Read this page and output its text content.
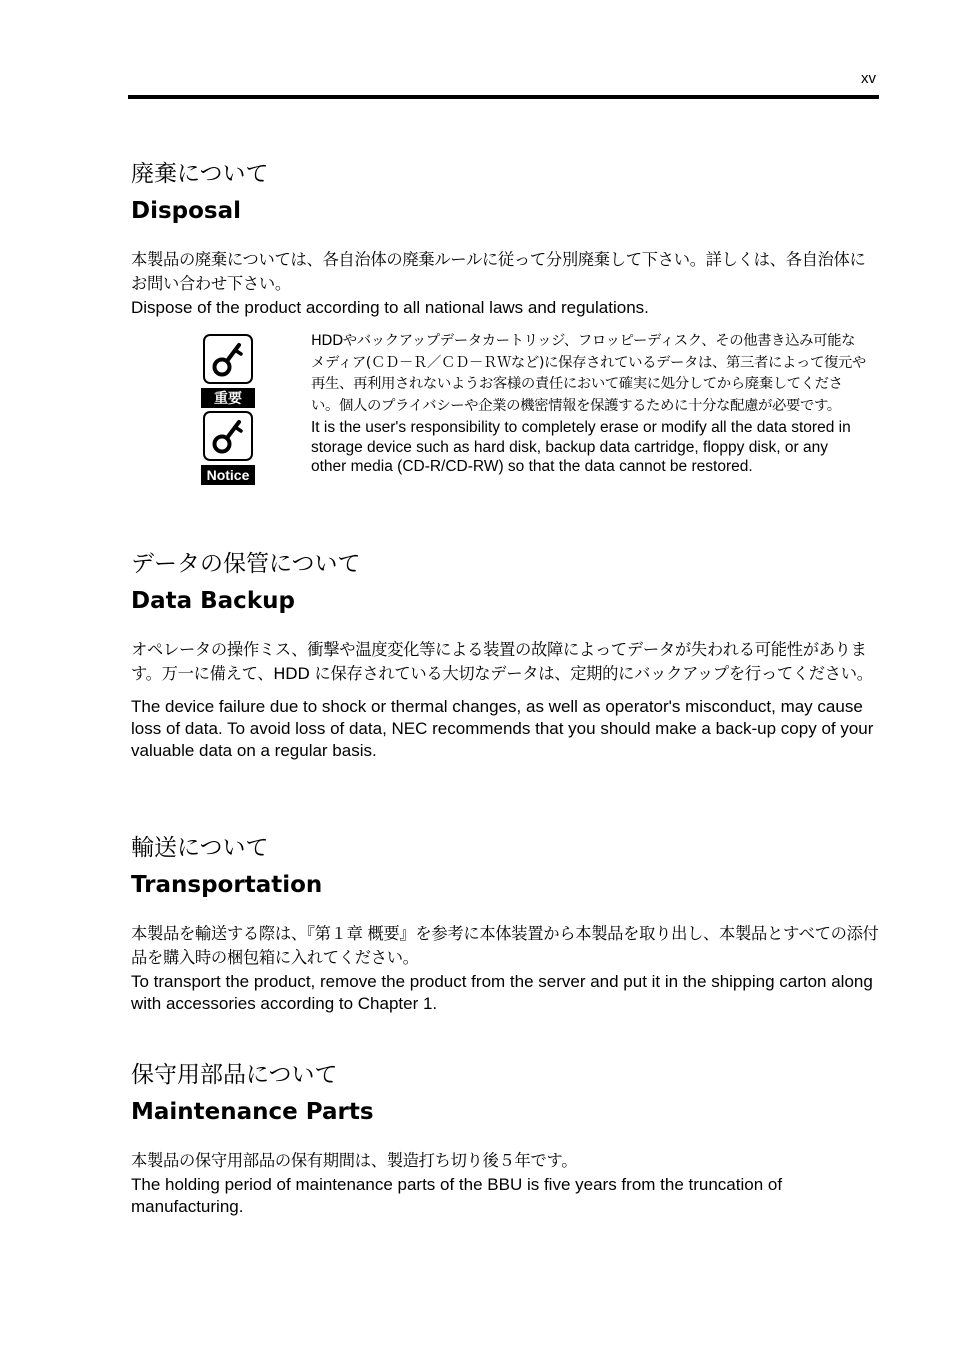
xv
廃棄について
Disposal

本製品の廃棄については、各自治体の廃棄ルールに従って分別廃棄して下さい。詳しくは、各自治体にお問い合わせ下さい。

Dispose of the product according to all national laws and regulations.

重要
Notice

HDDやバックアップデータカートリッジ、フロッピーディスク、その他書き込み可能なメディア(ＣＤ－Ｒ／ＣＤ－ＲＷなど)に保存されているデータは、第三者によって復元や再生、再利用されないようお客様の責任において確実に処分してから廃棄してください。個人のプライバシーや企業の機密情報を保護するために十分な配慮が必要です。

It is the user's responsibility to completely erase or modify all the data stored in storage device such as hard disk, backup data cartridge, floppy disk, or any other media (CD-R/CD-RW) so that the data cannot be restored.

データの保管について
Data Backup

オペレータの操作ミス、衝撃や温度変化等による装置の故障によってデータが失われる可能性があります。万一に備えて、HDD に保存されている大切なデータは、定期的にバックアップを行ってください。

The device failure due to shock or thermal changes, as well as operator's misconduct, may cause loss of data. To avoid loss of data, NEC recommends that you should make a back-up copy of your valuable data on a regular basis.

輸送について
Transportation

本製品を輸送する際は、『第１章 概要』を参考に本体装置から本製品を取り出し、本製品とすべての添付品を購入時の梱包箱に入れてください。

To transport the product, remove the product from the server and put it in the shipping carton along with accessories according to Chapter 1.

保守用部品について
Maintenance Parts

本製品の保守用部品の保有期間は、製造打ち切り後５年です。

The holding period of maintenance parts of the BBU is five years from the truncation of manufacturing.
